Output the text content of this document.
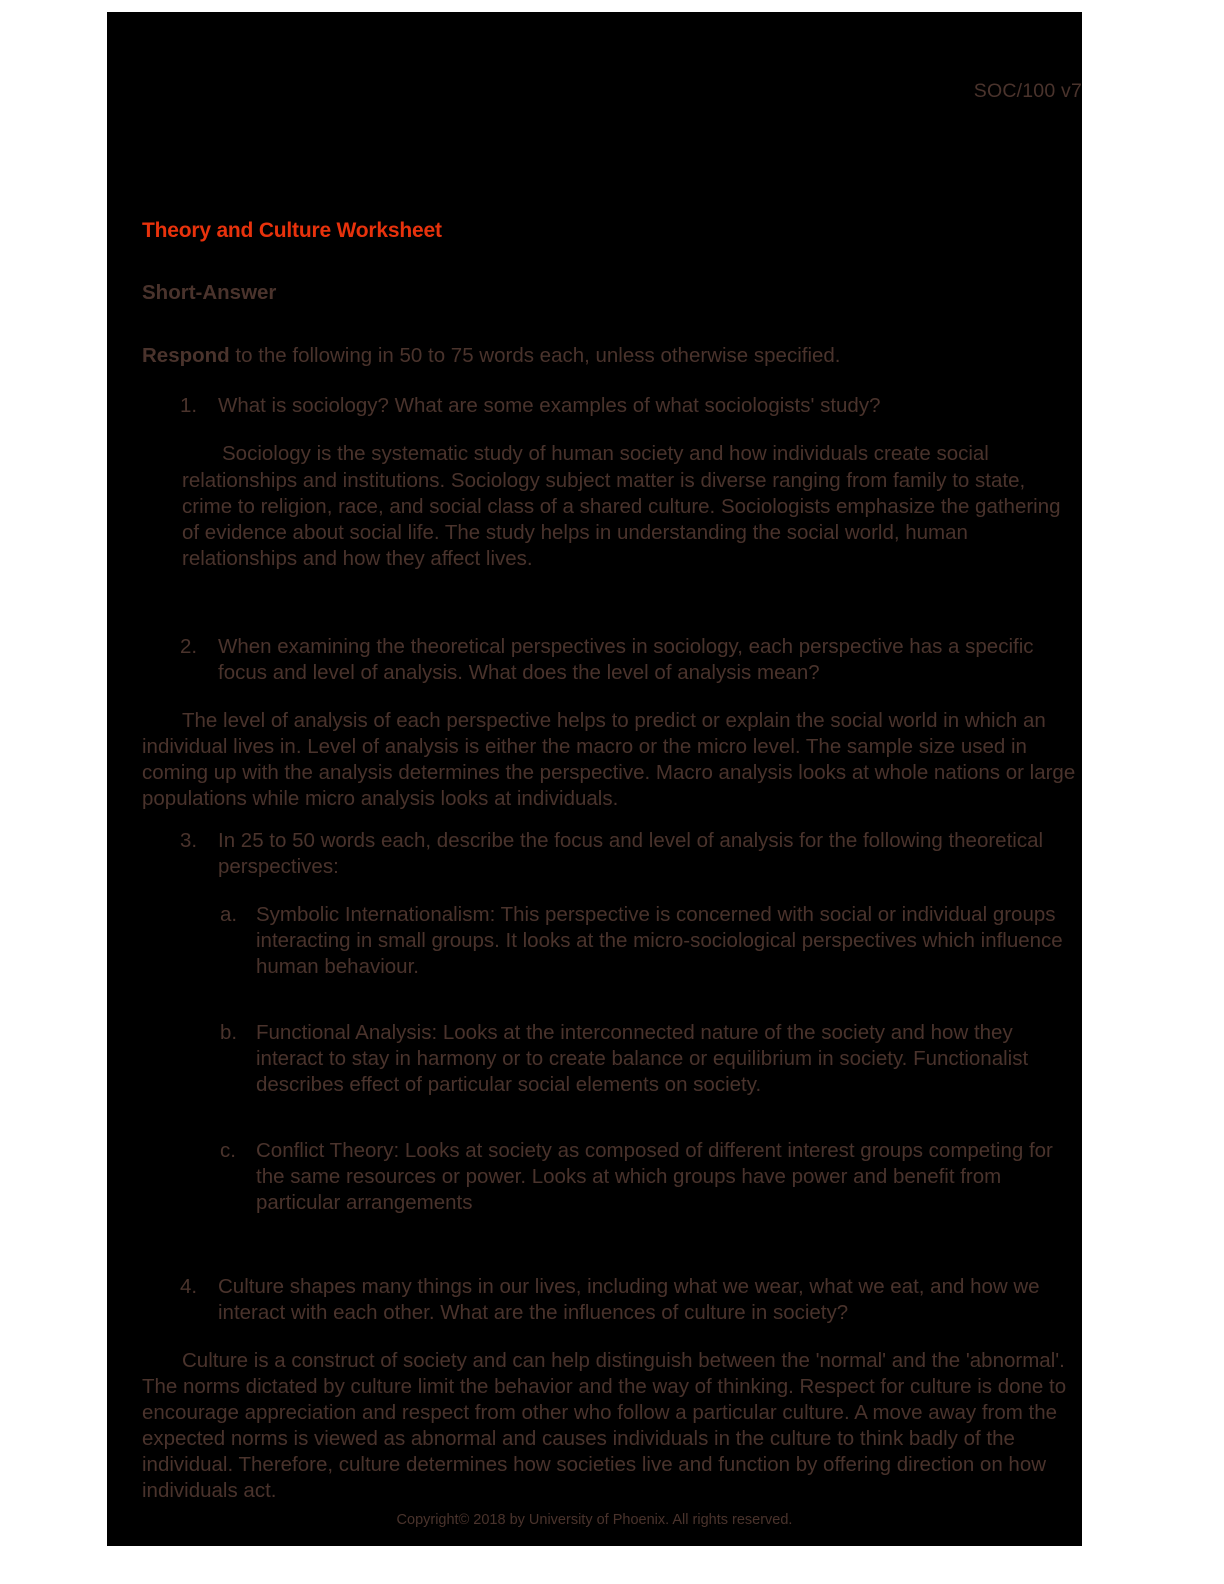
SOC/100 v7
Theory and Culture Worksheet
Short-Answer

Respond to the following in 50 to 75 words each, unless otherwise specified.

1.	What is sociology? What are some examples of what sociologists' study?

Sociology is the systematic study of human society and how individuals create social relationships and institutions. Sociology subject matter is diverse ranging from family to state, crime to religion, race, and social class of a shared culture. Sociologists emphasize the gathering of evidence about social life. The study helps in understanding the social world, human relationships and how they affect lives.

2.	When examining the theoretical perspectives in sociology, each perspective has a specific focus and level of analysis. What does the level of analysis mean?

The level of analysis of each perspective helps to predict or explain the social world in which an individual lives in. Level of analysis is either the macro or the micro level. The sample size used in coming up with the analysis determines the perspective. Macro analysis looks at whole nations or large populations while micro analysis looks at individuals.

3.	In 25 to 50 words each, describe the focus and level of analysis for the following theoretical perspectives:
a. Symbolic Internationalism: This perspective is concerned with social or individual groups interacting in small groups. It looks at the micro-sociological perspectives which influence human behaviour.
b. Functional Analysis: Looks at the interconnected nature of the society and how they interact to stay in harmony or to create balance or equilibrium in society. Functionalist describes effect of particular social elements on society.
c. Conflict Theory: Looks at society as composed of different interest groups competing for the same resources or power. Looks at which groups have power and benefit from particular arrangements
4.	Culture shapes many things in our lives, including what we wear, what we eat, and how we interact with each other. What are the influences of culture in society?

Culture is a construct of society and can help distinguish between the 'normal' and the 'abnormal'. The norms dictated by culture limit the behavior and the way of thinking. Respect for culture is done to encourage appreciation and respect from other who follow a particular culture. A move away from the expected norms is viewed as abnormal and causes individuals in the culture to think badly of the individual. Therefore, culture determines how societies live and function by offering direction on how individuals act.

Copyright© 2018 by University of Phoenix. All rights reserved.
